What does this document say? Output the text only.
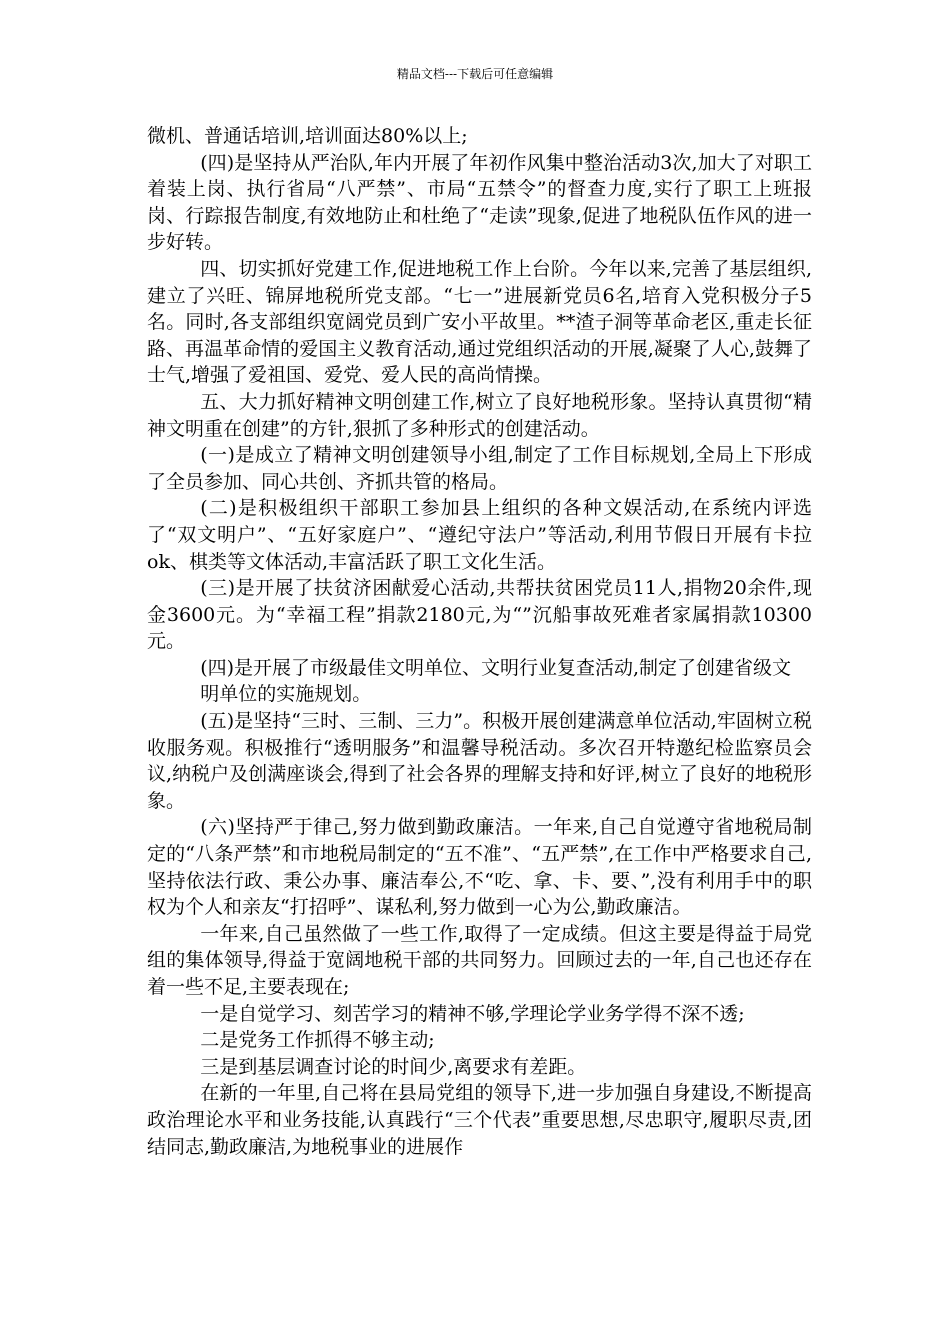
精品文档---下载后可任意编辑

微机、普通话培训,培训面达80%以上;

(四)是坚持从严治队,年内开展了年初作风集中整治活动3次,加大了对职工着装上岗、执行省局“八严禁”、市局“五禁令”的督查力度,实行了职工上班报岗、行踪报告制度,有效地防止和杜绝了“走读”现象,促进了地税队伍作风的进一步好转。

四、切实抓好党建工作,促进地税工作上台阶。今年以来,完善了基层组织,建立了兴旺、锦屏地税所党支部。“七一”进展新党员6名,培育入党积极分子5名。同时,各支部组织宽阔党员到广安小平故里。**渣子洞等革命老区,重走长征路、再温革命情的爱国主义教育活动,通过党组织活动的开展,凝聚了人心,鼓舞了士气,增强了爱祖国、爱党、爱人民的高尚情操。

五、大力抓好精神文明创建工作,树立了良好地税形象。坚持认真贯彻“精神文明重在创建”的方针,狠抓了多种形式的创建活动。

(一)是成立了精神文明创建领导小组,制定了工作目标规划,全局上下形成了全员参加、同心共创、齐抓共管的格局。

(二)是积极组织干部职工参加县上组织的各种文娱活动,在系统内评选了“双文明户”、“五好家庭户”、“遵纪守法户”等活动,利用节假日开展有卡拉ok、棋类等文体活动,丰富活跃了职工文化生活。

(三)是开展了扶贫济困献爱心活动,共帮扶贫困党员11人,捐物20余件,现金3600元。为“幸福工程”捐款2180元,为“”沉船事故死难者家属捐款10300元。

(四)是开展了市级最佳文明单位、文明行业复查活动,制定了创建省级文

明单位的实施规划。

(五)是坚持“三时、三制、三力”。积极开展创建满意单位活动,牢固树立税收服务观。积极推行“透明服务”和温馨导税活动。多次召开特邀纪检监察员会议,纳税户及创满座谈会,得到了社会各界的理解支持和好评,树立了良好的地税形象。

(六)坚持严于律己,努力做到勤政廉洁。一年来,自己自觉遵守省地税局制定的“八条严禁”和市地税局制定的“五不准”、“五严禁”,在工作中严格要求自己,坚持依法行政、秉公办事、廉洁奉公,不“吃、拿、卡、要、”,没有利用手中的职权为个人和亲友“打招呼”、谋私利,努力做到一心为公,勤政廉洁。

一年来,自己虽然做了一些工作,取得了一定成绩。但这主要是得益于局党组的集体领导,得益于宽阔地税干部的共同努力。回顾过去的一年,自己也还存在着一些不足,主要表现在;

一是自觉学习、刻苦学习的精神不够,学理论学业务学得不深不透;

二是党务工作抓得不够主动;

三是到基层调查讨论的时间少,离要求有差距。

在新的一年里,自己将在县局党组的领导下,进一步加强自身建设,不断提高政治理论水平和业务技能,认真践行“三个代表”重要思想,尽忠职守,履职尽责,团结同志,勤政廉洁,为地税事业的进展作
